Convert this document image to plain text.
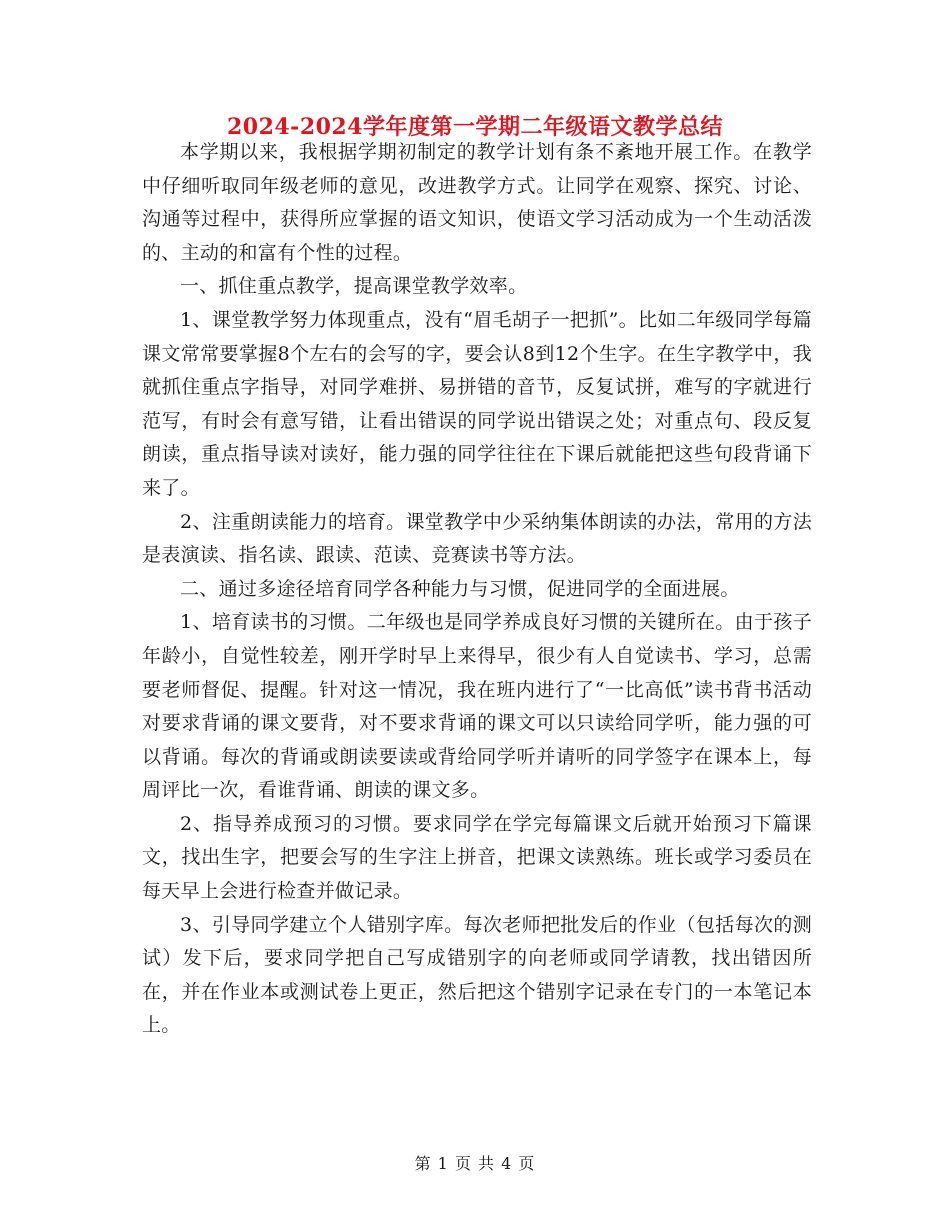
2024-2024学年度第一学期二年级语文教学总结

本学期以来，我根据学期初制定的教学计划有条不紊地开展工作。在教学中仔细听取同年级老师的意见，改进教学方式。让同学在观察、探究、讨论、沟通等过程中，获得所应掌握的语文知识，使语文学习活动成为一个生动活泼的、主动的和富有个性的过程。

一、抓住重点教学，提高课堂教学效率。

1、课堂教学努力体现重点，没有“眉毛胡子一把抓”。比如二年级同学每篇课文常常要掌握8个左右的会写的字，要会认8到12个生字。在生字教学中，我就抓住重点字指导，对同学难拼、易拼错的音节，反复试拼，难写的字就进行范写，有时会有意写错，让看出错误的同学说出错误之处；对重点句、段反复朗读，重点指导读对读好，能力强的同学往往在下课后就能把这些句段背诵下来了。

2、注重朗读能力的培育。课堂教学中少采纳集体朗读的办法，常用的方法是表演读、指名读、跟读、范读、竞赛读书等方法。

二、通过多途径培育同学各种能力与习惯，促进同学的全面进展。

1、培育读书的习惯。二年级也是同学养成良好习惯的关键所在。由于孩子年龄小，自觉性较差，刚开学时早上来得早，很少有人自觉读书、学习，总需要老师督促、提醒。针对这一情况，我在班内进行了“一比高低”读书背书活动对要求背诵的课文要背，对不要求背诵的课文可以只读给同学听，能力强的可以背诵。每次的背诵或朗读要读或背给同学听并请听的同学签字在课本上，每周评比一次，看谁背诵、朗读的课文多。

2、指导养成预习的习惯。要求同学在学完每篇课文后就开始预习下篇课文，找出生字，把要会写的生字注上拼音，把课文读熟练。班长或学习委员在每天早上会进行检查并做记录。

3、引导同学建立个人错别字库。每次老师把批发后的作业（包括每次的测试）发下后，要求同学把自己写成错别字的向老师或同学请教，找出错因所在，并在作业本或测试卷上更正，然后把这个错别字记录在专门的一本笔记本上。

第 1 页 共 4 页
